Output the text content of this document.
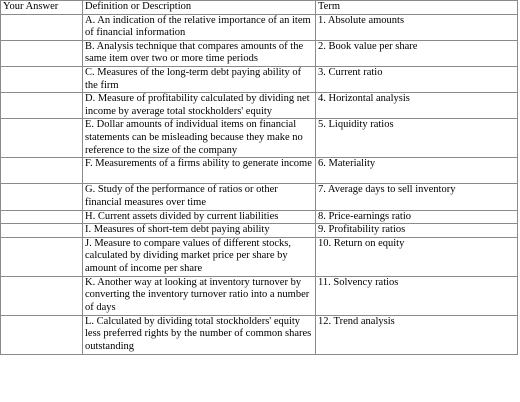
Your Answer	Definition or Description	Term
	A. An indication of the relative importance of an item of financial information	1. Absolute amounts
	B. Analysis technique that compares amounts of the same item over two or more time periods	2. Book value per share
	C. Measures of the long-term debt paying ability of the firm	3. Current ratio
	D. Measure of profitability calculated by dividing net income by average total stockholders' equity	4. Horizontal analysis
	E. Dollar amounts of individual items on financial statements can be misleading because they make no reference to the size of the company	5. Liquidity ratios
	F. Measurements of a firms ability to generate income	6. Materiality
	G. Study of the performance of ratios or other financial measures over time	7. Average days to sell inventory
	H. Current assets divided by current liabilities	8. Price-earnings ratio
	I. Measures of short-tem debt paying ability	9. Profitability ratios
	J. Measure to compare values of different stocks, calculated by dividing market price per share by amount of income per share	10. Return on equity
	K. Another way at looking at inventory turnover by converting the inventory turnover ratio into a number of days	11. Solvency ratios
	L. Calculated by dividing total stockholders' equity less preferred rights by the number of common shares outstanding	12. Trend analysis
